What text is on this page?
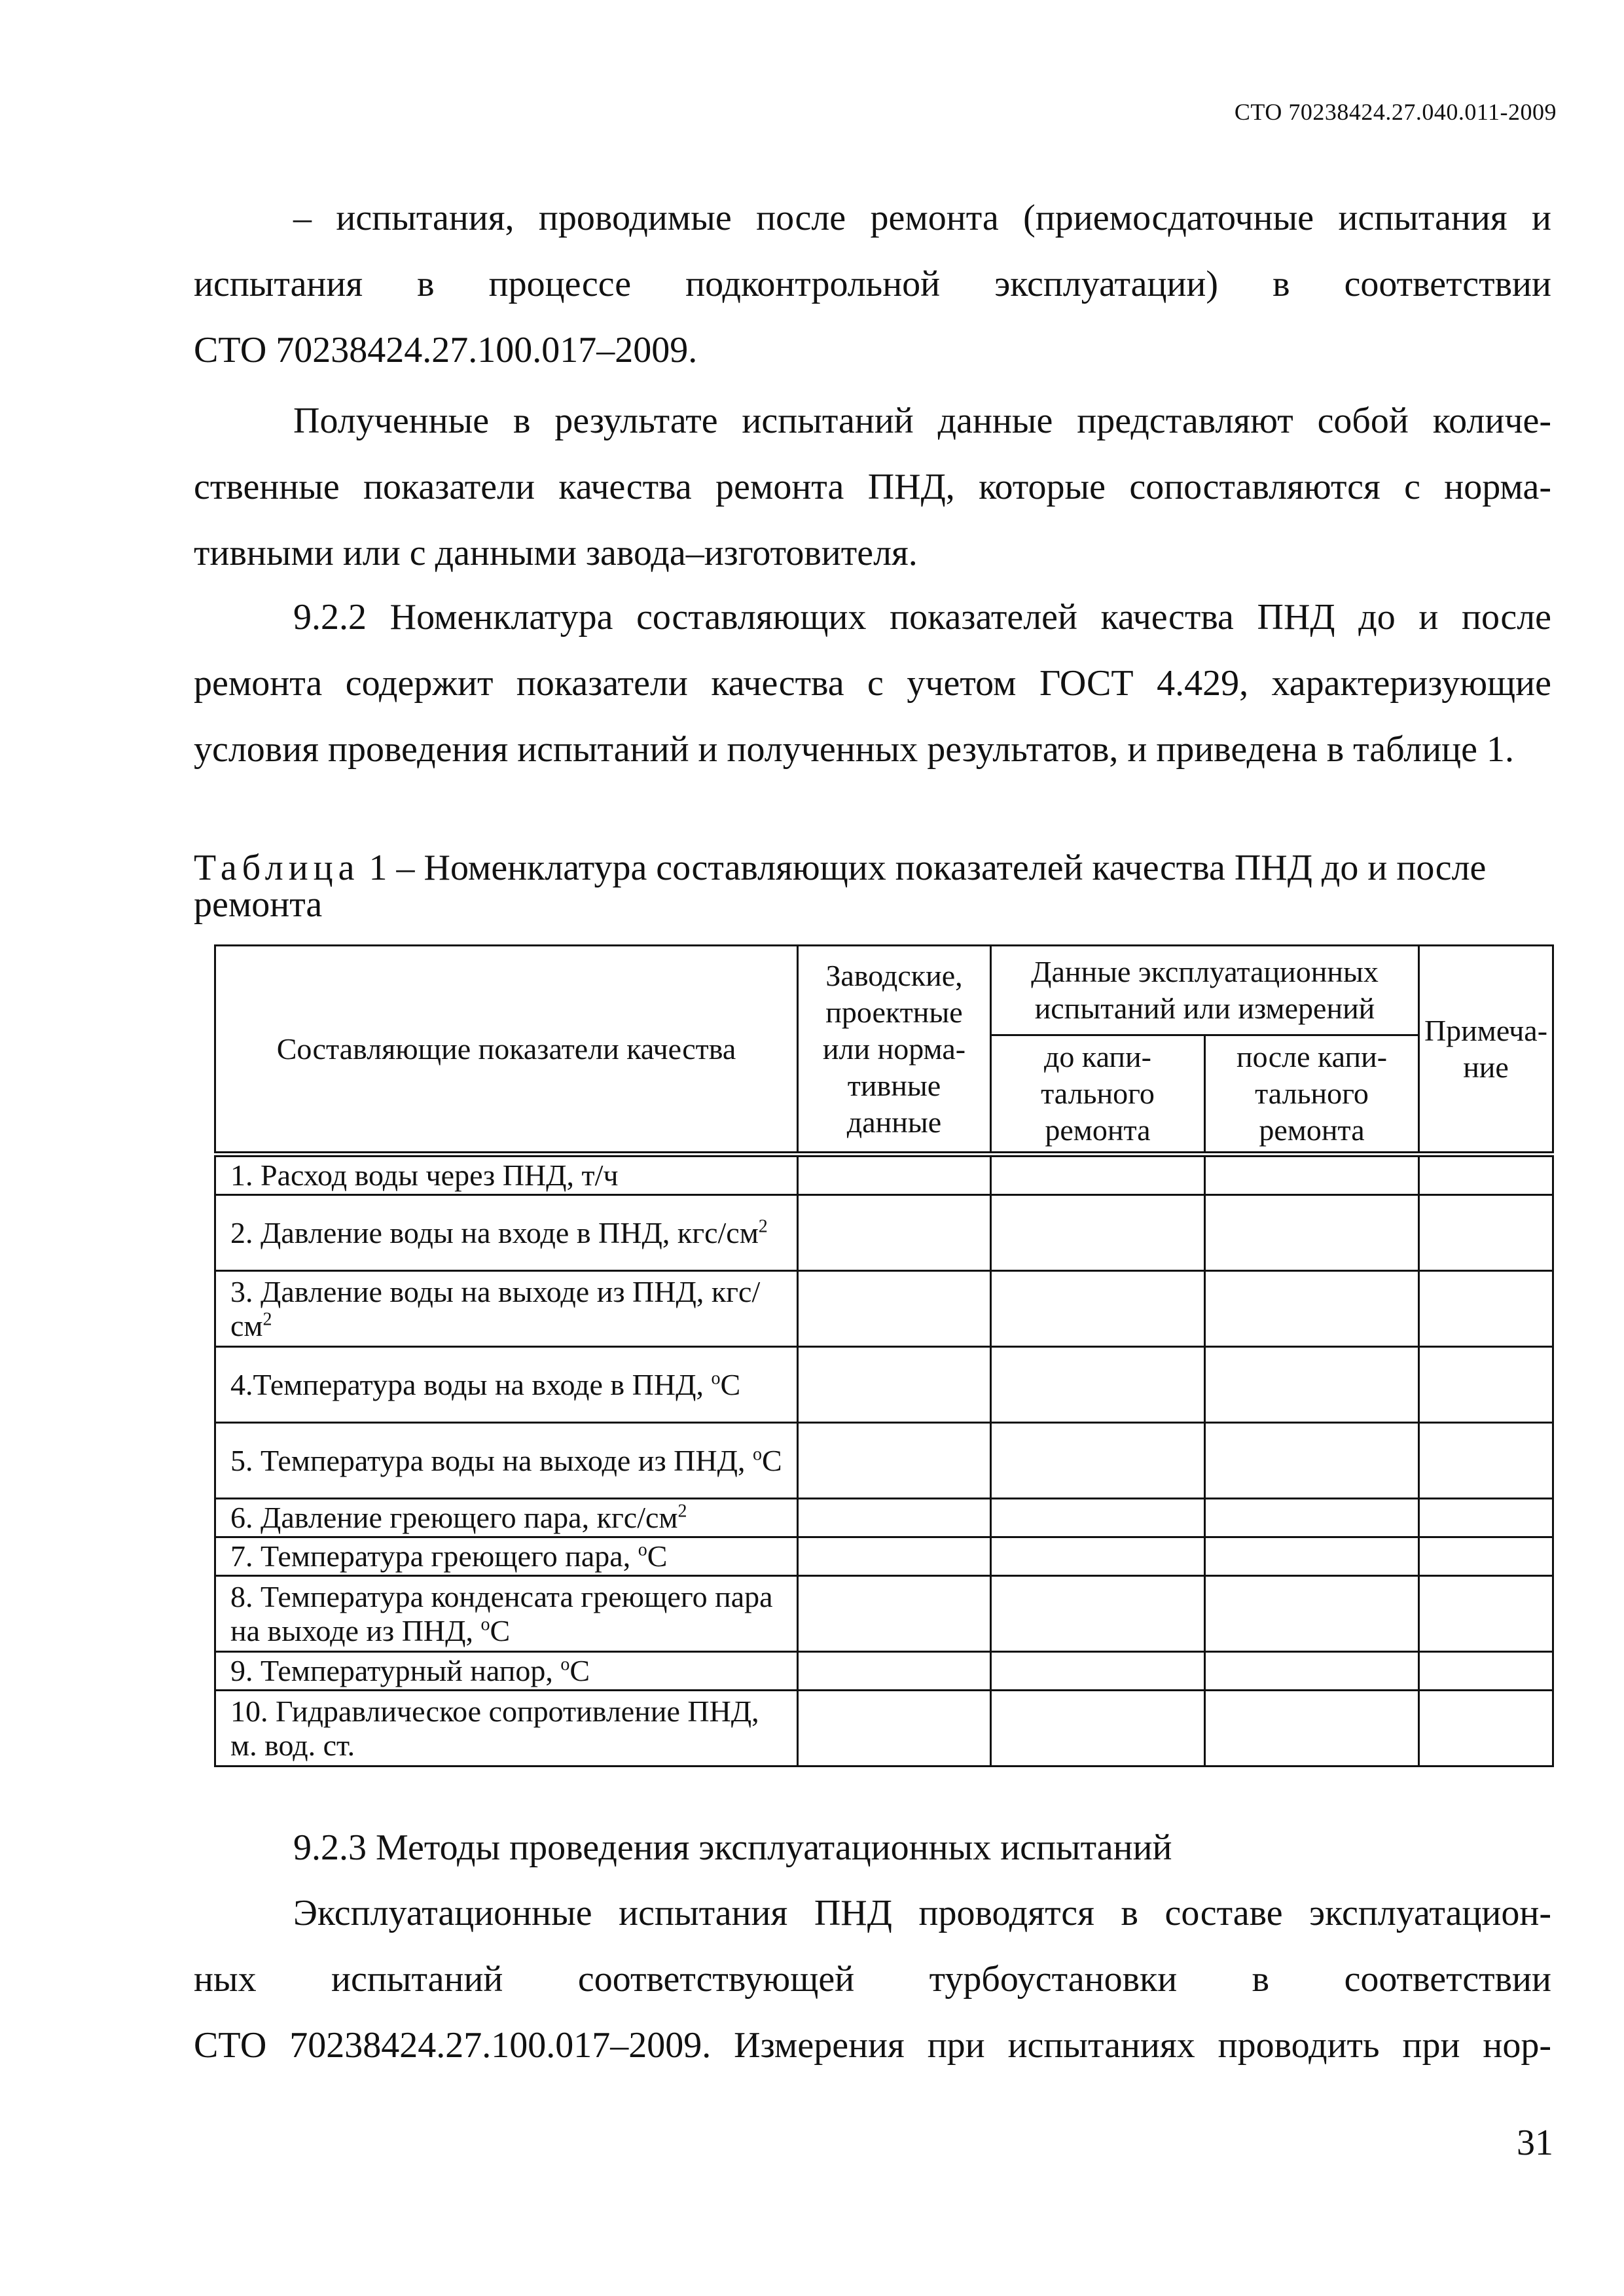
СТО 70238424.27.040.011-2009
– испытания, проводимые после ремонта (приемосдаточные испытания и
испытания в процессе подконтрольной эксплуатации) в соответствии
СТО 70238424.27.100.017–2009.

Полученные в результате испытаний данные представляют собой количественные показатели качества ремонта ПНД, которые сопоставляются с нормативными или с данными завода–изготовителя.

9.2.2 Номенклатура составляющих показателей качества ПНД до и после ремонта содержит показатели качества с учетом ГОСТ 4.429, характеризующие условия проведения испытаний и полученных результатов, и приведена в таблице 1.

Таблица 1 – Номенклатура составляющих показателей качества ПНД до и после ремонта
Составляющие показатели качества	Заводские, проектные или нормативные данные	Данные эксплуатационных испытаний или измерений		Примечание
		до капитального ремонта	после капитального ремонта	
1. Расход воды через ПНД, т/ч				
2. Давление воды на входе в ПНД, кгс/$см^2$				
3. Давление воды на выходе из ПНД, кгс/$см^2$				
4.Температура воды на входе в ПНД, $^o$С				
5. Температура воды на выходе из ПНД, $^o$С				
6. Давление греющего пара, кгс/$см^2$				
7. Температура греющего пара, $^o$С				
8. Температура конденсата греющего пара на выходе из ПНД, $^o$С				
9. Температурный напор, $^o$С				
10. Гидравлическое сопротивление ПНД, м. вод. ст.				

9.2.3 Методы проведения эксплуатационных испытаний

Эксплуатационные испытания ПНД проводятся в составе эксплуатацион-
ных испытаний соответствующей турбоустановки в соответствии
СТО 70238424.27.100.017–2009. Измерения при испытаниях проводить при нор-
31
